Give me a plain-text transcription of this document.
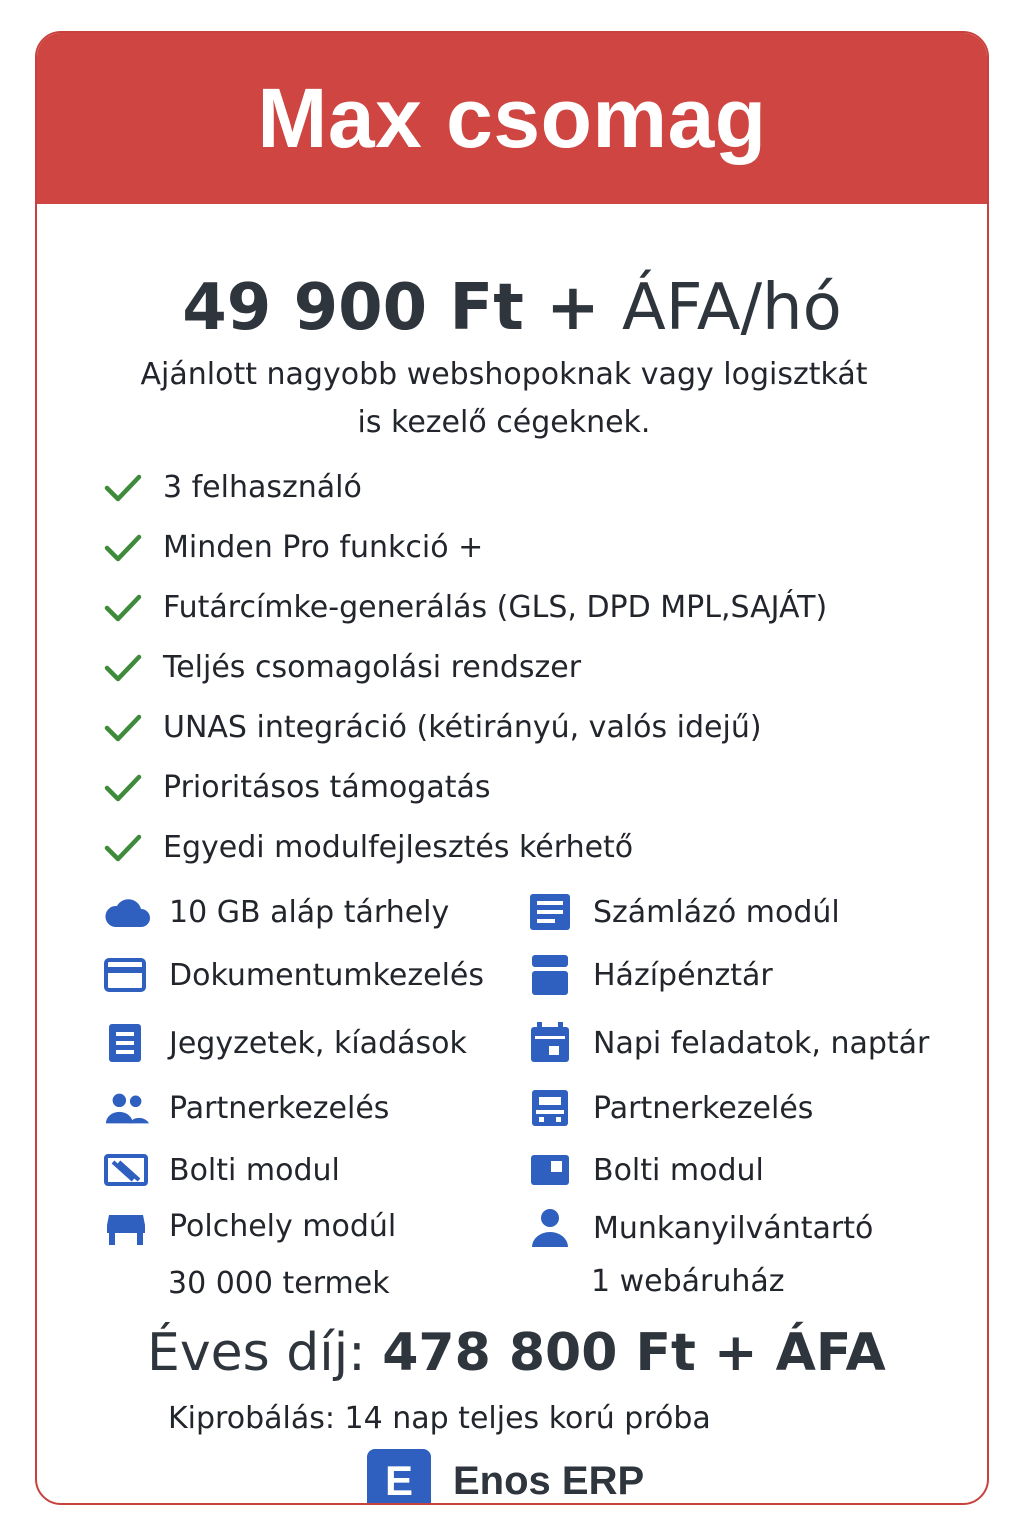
Max csomag
49 900 Ft + ÁFA/hó
Ajánlott nagyobb webshopoknak vagy logisztkát
is kezelő cégeknek.
3 felhasználó
Minden Pro funkció +
Futárcímke-generálás (GLS, DPD MPL,SAJÁT)
Teljés csomagolási rendszer
UNAS integráció (kétirányú, valós idejű)
Prioritásos támogatás
Egyedi modulfejlesztés kérhető
10 GB aláp tárhely
Dokumentumkezelés
Jegyzetek, kíadások
Partnerkezelés
Bolti modul
Polchely modúl
30 000 termek
Számlázó modúl
Házípénztár
Napi feladatok, naptár
Partnerkezelés
Bolti modul
Munkanyilvántartó
1 webáruház
Éves díj: 478 800 Ft + ÁFA
Kiprobálás: 14 nap teljes korú próba
E	Enos ERP
